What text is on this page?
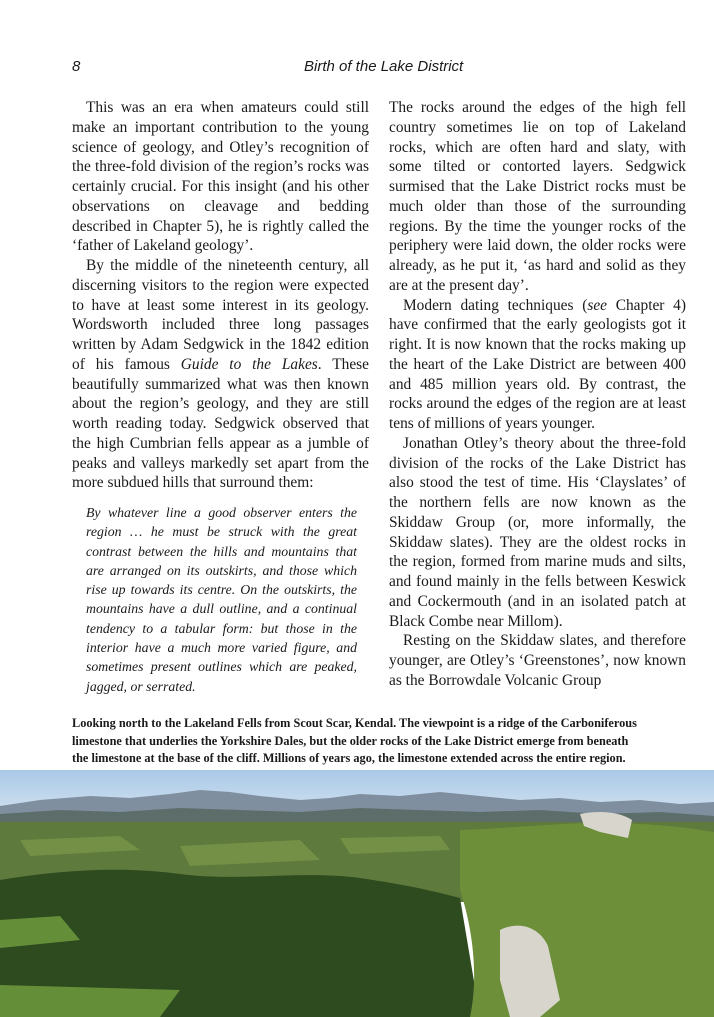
8	Birth of the Lake District

This was an era when amateurs could still make an important contribution to the young science of geology, and Otley’s recognition of the three-fold division of the region’s rocks was certainly crucial. For this insight (and his other observations on cleavage and bedding described in Chapter 5), he is rightly called the ‘father of Lakeland geology’.

By the middle of the nineteenth century, all discerning visitors to the region were expected to have at least some interest in its geology. Wordsworth included three long passages written by Adam Sedgwick in the 1842 edition of his famous Guide to the Lakes. These beautifully summarized what was then known about the region’s geology, and they are still worth reading today. Sedgwick observed that the high Cumbrian fells appear as a jumble of peaks and valleys markedly set apart from the more subdued hills that surround them:

By whatever line a good observer enters the region … he must be struck with the great contrast between the hills and mountains that are arranged on its outskirts, and those which rise up towards its centre. On the outskirts, the mountains have a dull outline, and a continual tendency to a tabular form: but those in the interior have a much more varied figure, and sometimes present outlines which are peaked, jagged, or serrated.

The rocks around the edges of the high fell country sometimes lie on top of Lakeland rocks, which are often hard and slaty, with some tilted or contorted layers. Sedgwick surmised that the Lake District rocks must be much older than those of the surrounding regions. By the time the younger rocks of the periphery were laid down, the older rocks were already, as he put it, ‘as hard and solid as they are at the present day’.

Modern dating techniques (see Chapter 4) have confirmed that the early geologists got it right. It is now known that the rocks making up the heart of the Lake District are between 400 and 485 million years old. By contrast, the rocks around the edges of the region are at least tens of millions of years younger.

Jonathan Otley’s theory about the three-fold division of the rocks of the Lake District has also stood the test of time. His ‘Clayslates’ of the northern fells are now known as the Skiddaw Group (or, more informally, the Skiddaw slates). They are the oldest rocks in the region, formed from marine muds and silts, and found mainly in the fells between Keswick and Cockermouth (and in an isolated patch at Black Combe near Millom).

Resting on the Skiddaw slates, and therefore younger, are Otley’s ‘Greenstones’, now known as the Borrowdale Volcanic Group

Looking north to the Lakeland Fells from Scout Scar, Kendal. The viewpoint is a ridge of the Carboniferous limestone that underlies the Yorkshire Dales, but the older rocks of the Lake District emerge from beneath the limestone at the base of the cliff. Millions of years ago, the limestone extended across the entire region.
